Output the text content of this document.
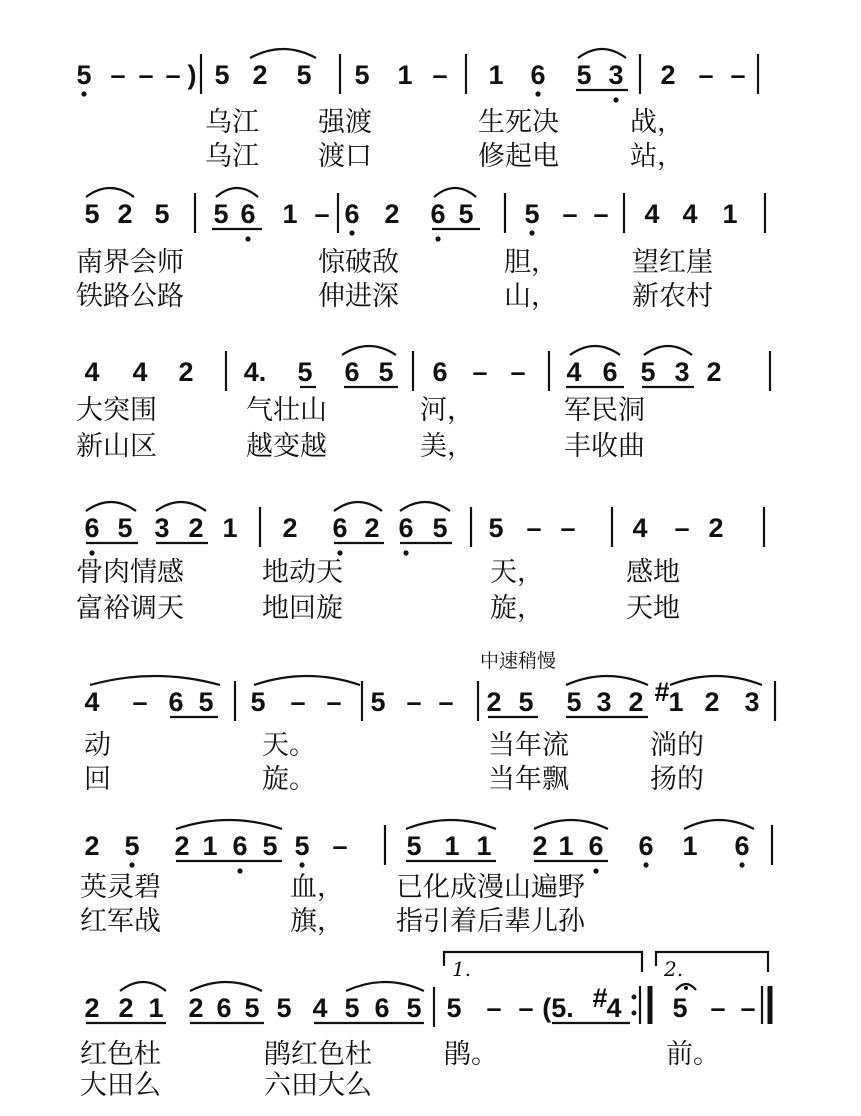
5 – – – ) 5 2 5 5 1 – 1 6 5 3 2 – –
5 2 5 5 6 1 – 6 2 6 5 5 – – 4 4 1
4 4 2 4. 5 6 5 6 – – 4 6 5 3 2
6 5 3 2 1 2 6 2 6 5 5 – – 4 – 2
4 – 6 5 5 – – 5 – – 2 5 5 3 2 1
# 2 3
2 5 2 1 6 5 5 – 5 1 1 2 1 6 6 1 6
2 2 1 2 6 5 5 4 5 6 5 5 – – (5. 4
# 5 – –
乌江 强渡	生死决	战，
乌江 渡口	修起电	站，
南界会师	惊破敌	胆，	望红崖
铁路公路	伸进深	山，	新农村
大突围	气壮山	河，	军民洞
新山区	越变越	美，	丰收曲
骨肉情感	地动天	天，	感地
富裕调天	地回旋	旋，	天地
中速稍慢
动	天。	当年流	淌的
回	旋。	当年飘	扬的
英灵碧	血， 已化成漫山遍野
红军战	旗， 指引着后辈儿孙
1.	2.
红色杜	鹃红色杜	鹃。	前。
大田么	六田大么
